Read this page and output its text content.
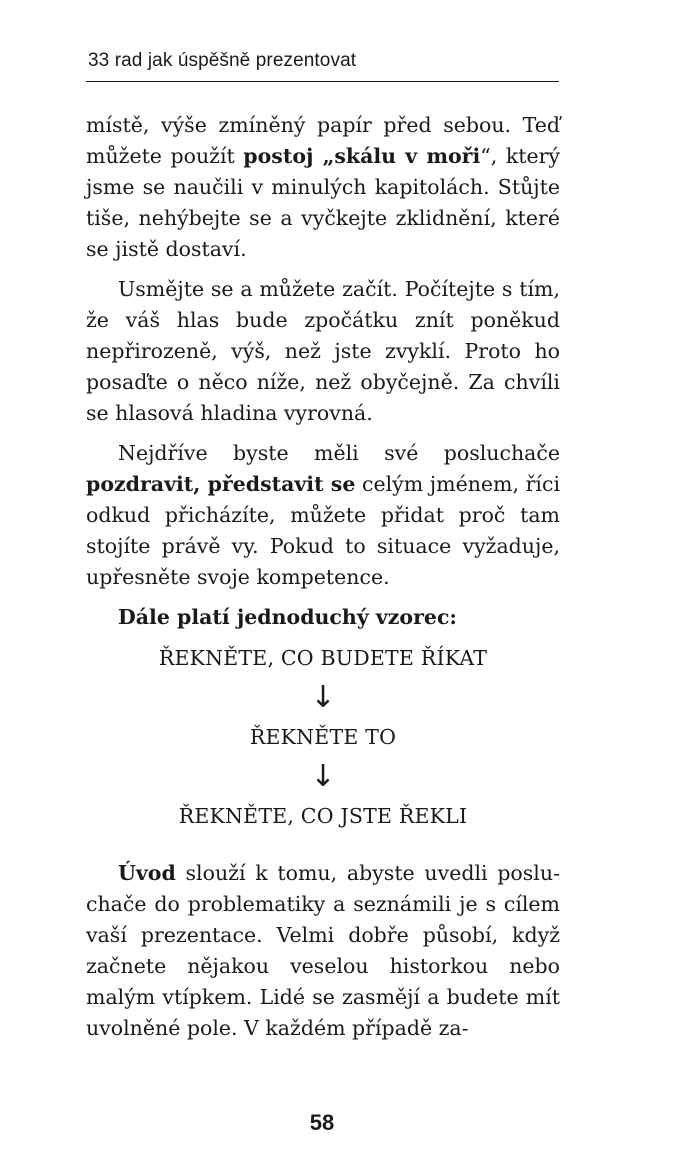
33 rad jak úspěšně prezentovat

místě, výše zmíněný papír před sebou. Teď můžete použít postoj „skálu v moři“, který jsme se naučili v minulých kapitolách. Stůjte tiše, nehýbejte se a vyčkejte zklidnění, které se jistě dostaví.

Usmějte se a můžete začít. Počítejte s tím, že váš hlas bude zpočátku znít poněkud nepřirozeně, výš, než jste zvyklí. Proto ho posaďte o něco níže, než obyčejně. Za chvíli se hlasová hladina vyrovná.

Nejdříve byste měli své posluchače pozdravit, představit se celým jménem, říci odkud přicházíte, můžete přidat proč tam stojíte právě vy. Pokud to situace vyžaduje, upřesněte svoje kompetence.

Dále platí jednoduchý vzorec:

ŘEKNĚTE, CO BUDETE ŘÍKAT
↓
ŘEKNĚTE TO
↓
ŘEKNĚTE, CO JSTE ŘEKLI

Úvod slouží k tomu, abyste uvedli posluchače do problematiky a seznámili je s cílem vaší prezentace. Velmi dobře působí, když začnete nějakou veselou historkou nebo malým vtípkem. Lidé se zasmějí a budete mít uvolněné pole. V každém případě za-

58
